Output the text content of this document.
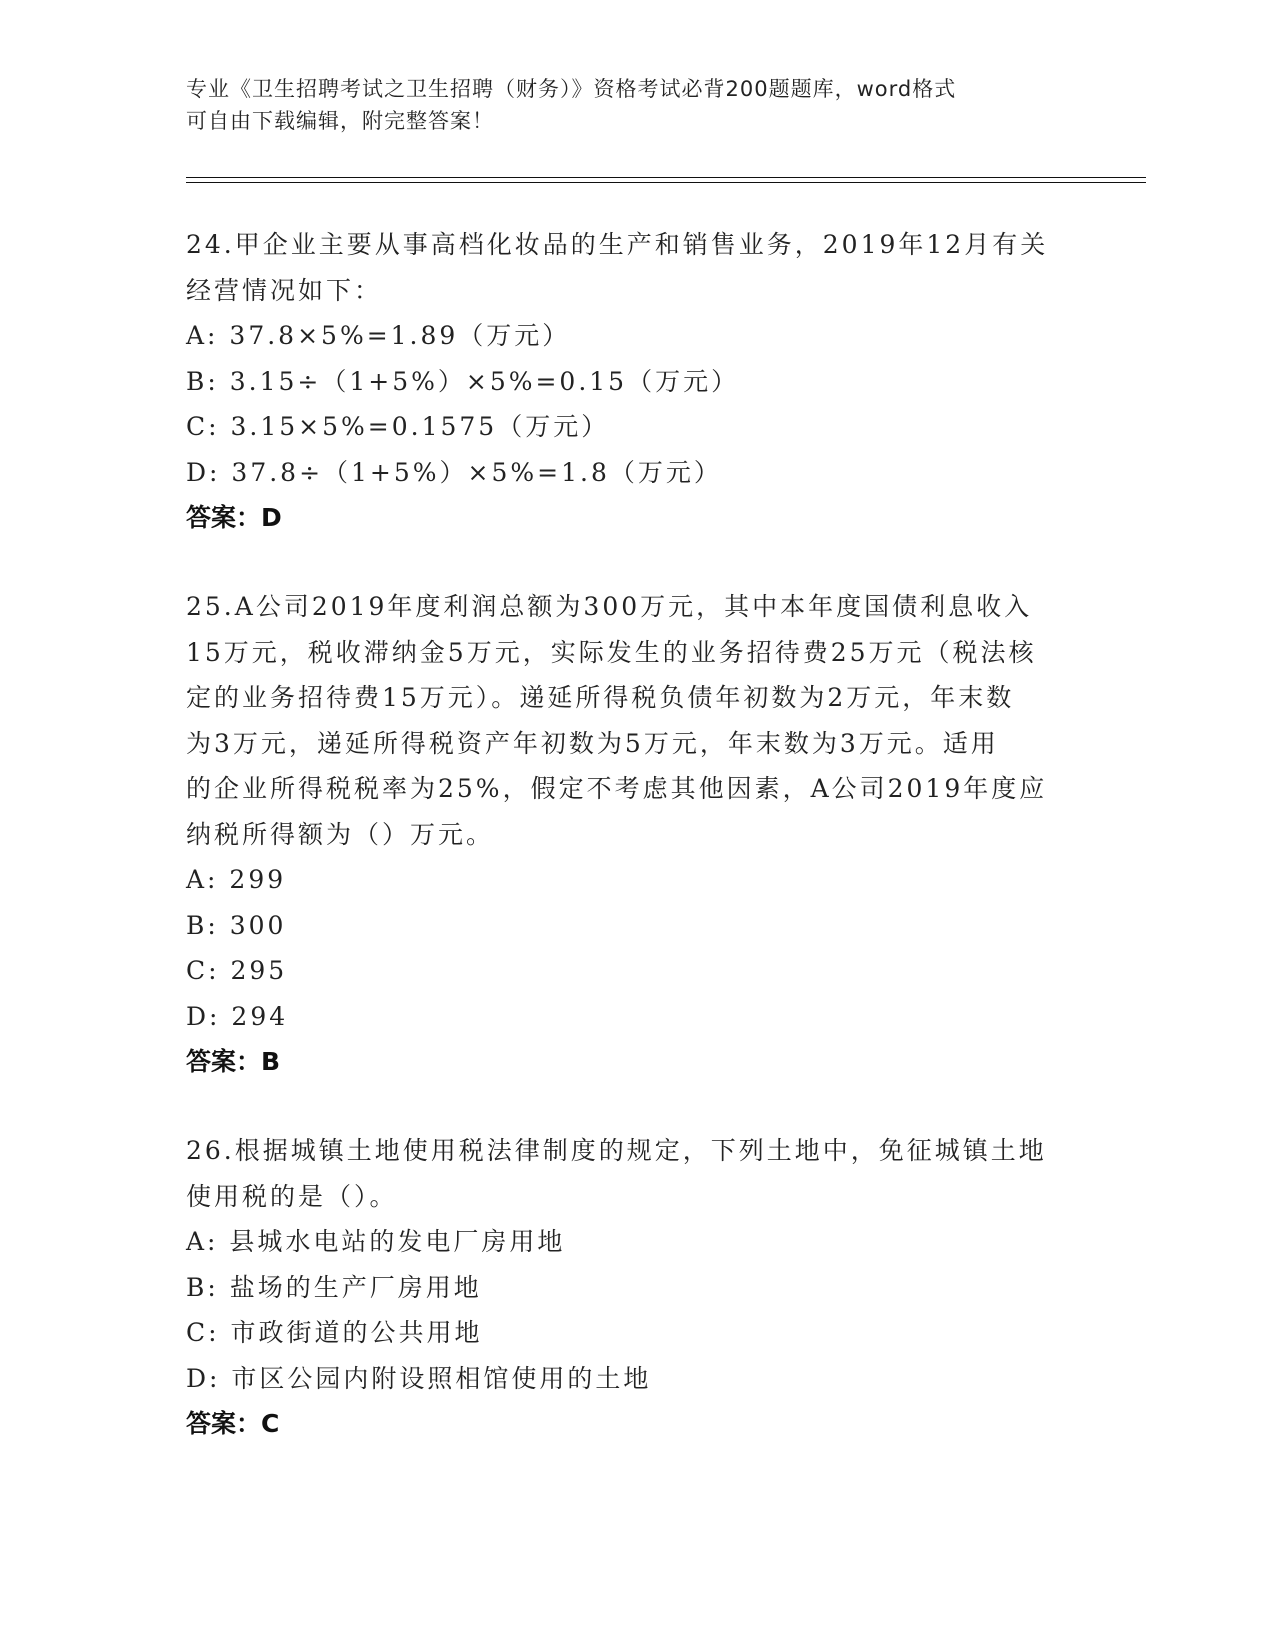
专业《卫生招聘考试之卫生招聘（财务）》资格考试必背200题题库，word格式
可自由下载编辑，附完整答案！
24.甲企业主要从事高档化妆品的生产和销售业务，2019年12月有关
经营情况如下：
A: 37.8×5%=1.89（万元）
B: 3.15÷（1+5%）×5%=0.15（万元）
C: 3.15×5%=0.1575（万元）
D: 37.8÷（1+5%）×5%=1.8（万元）
答案：D
25.A公司2019年度利润总额为300万元，其中本年度国债利息收入
15万元，税收滞纳金5万元，实际发生的业务招待费25万元（税法核
定的业务招待费15万元）。递延所得税负债年初数为2万元，年末数
为3万元，递延所得税资产年初数为5万元，年末数为3万元。适用
的企业所得税税率为25%，假定不考虑其他因素，A公司2019年度应
纳税所得额为（）万元。
A: 299
B: 300
C: 295
D: 294
答案：B
26.根据城镇土地使用税法律制度的规定，下列土地中，免征城镇土地
使用税的是（）。
A: 县城水电站的发电厂房用地
B: 盐场的生产厂房用地
C: 市政街道的公共用地
D: 市区公园内附设照相馆使用的土地
答案：C
